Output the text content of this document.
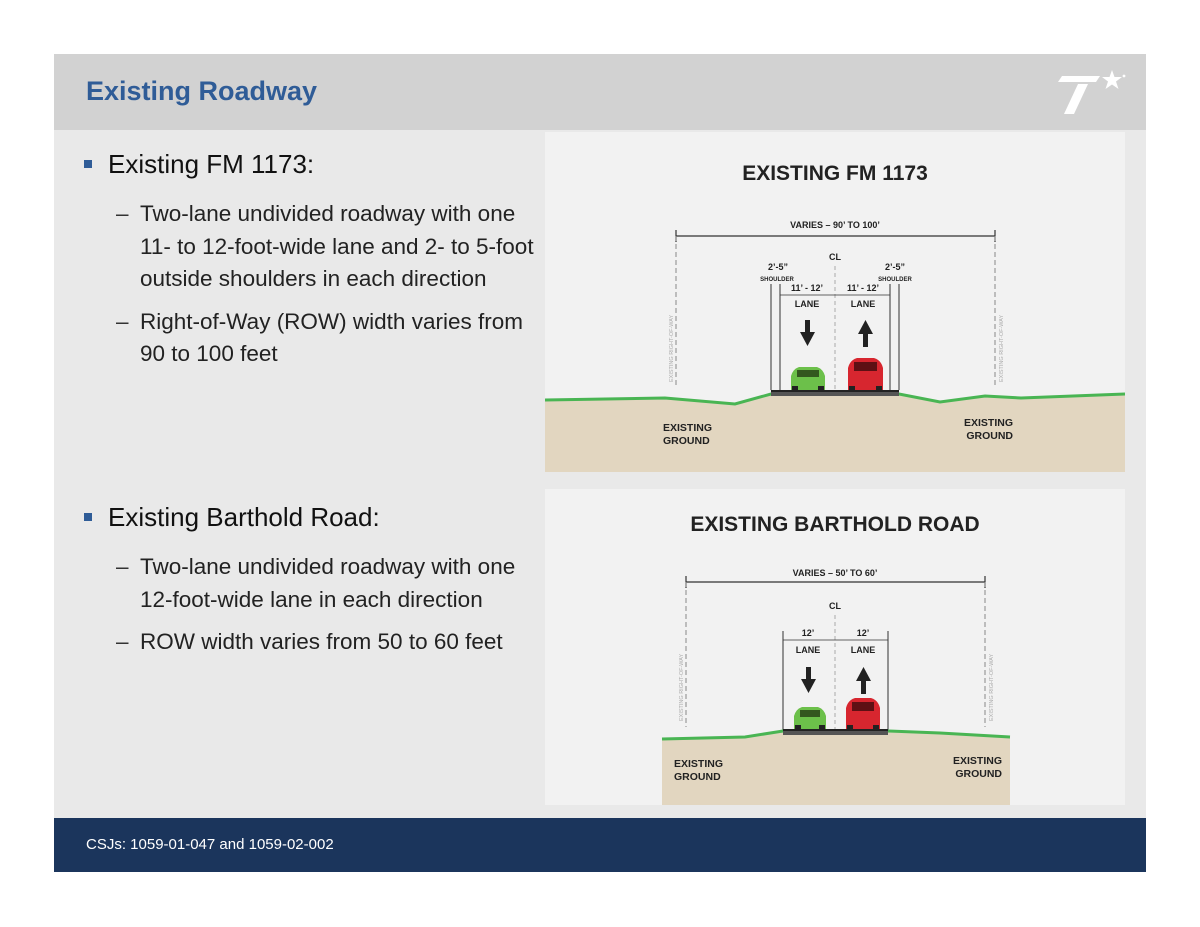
Existing Roadway

Existing FM 1173:

– Two-lane undivided roadway with one 11- to 12-foot-wide lane and 2- to 5-foot outside shoulders in each direction
– Right-of-Way (ROW) width varies from 90 to 100 feet

Existing Barthold Road:

– Two-lane undivided roadway with one 12-foot-wide lane in each direction
– ROW width varies from 50 to 60 feet
EXISTING FM 1173
VARIES – 90’ TO 100’
EXISTING RIGHT-OF-WAY	EXISTING RIGHT-OF-WAY
CL
2’-5”
SHOULDER
2’-5”
SHOULDER
11’ - 12’	11’ - 12’
LANE	LANE
EXISTING
GROUND
EXISTING
GROUND
EXISTING BARTHOLD ROAD
VARIES – 50’ TO 60’
EXISTING RIGHT-OF-WAY	EXISTING RIGHT-OF-WAY
CL
12’	12’
LANE	LANE
EXISTING
GROUND
EXISTING
GROUND
CSJs: 1059-01-047 and 1059-02-002
